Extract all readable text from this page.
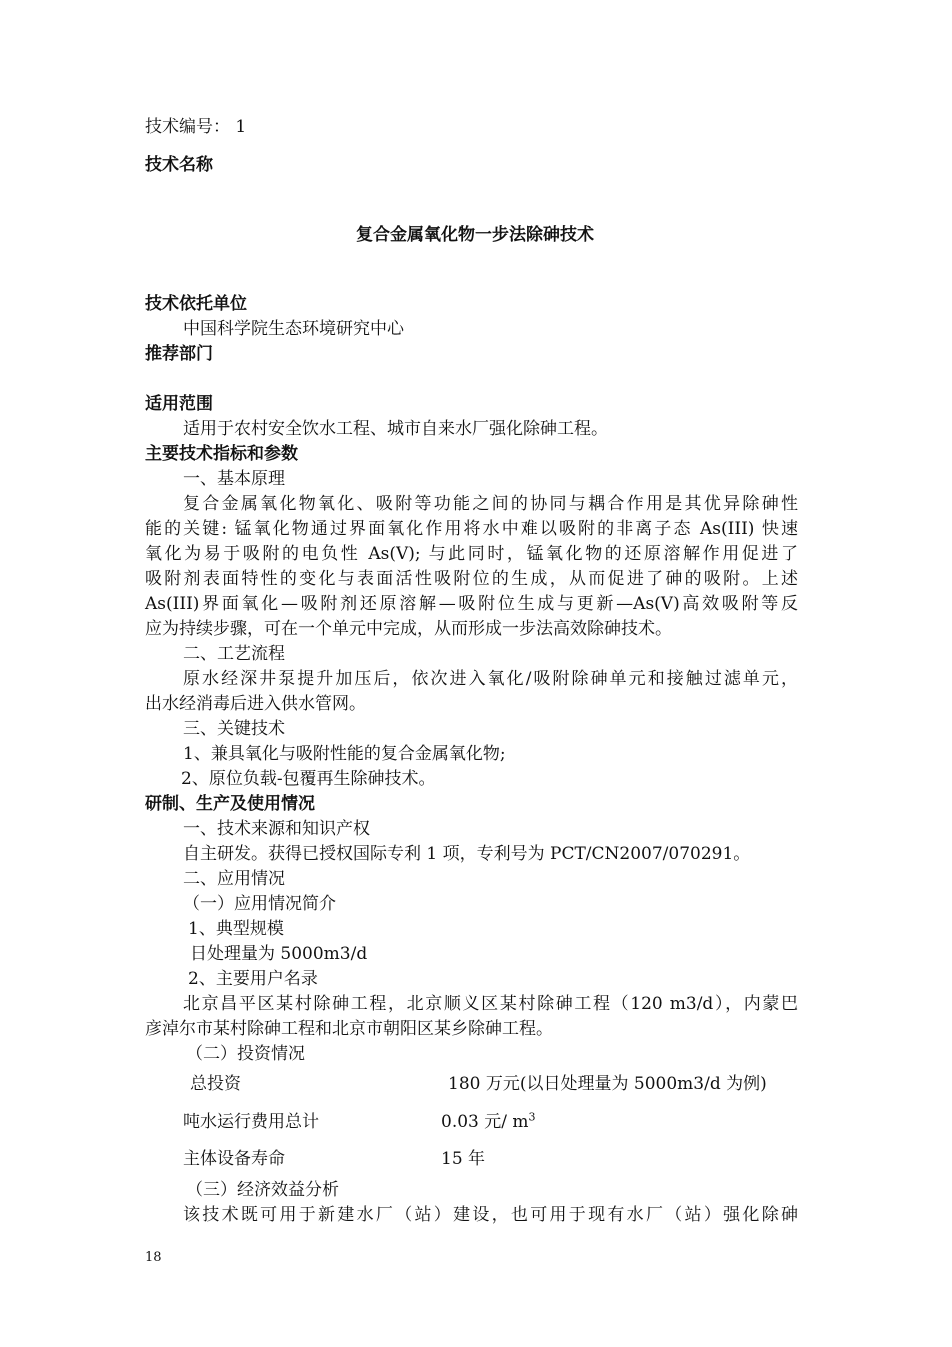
技术编号： 1
技术名称
复合金属氧化物一步法除砷技术
技术依托单位
中国科学院生态环境研究中心
推荐部门
适用范围
适用于农村安全饮水工程、城市自来水厂强化除砷工程。
主要技术指标和参数
一、基本原理
复合金属氧化物氧化、吸附等功能之间的协同与耦合作用是其优异除砷性
能的关键: 锰氧化物通过界面氧化作用将水中难以吸附的非离子态 As(III) 快速
氧化为易于吸附的电负性 As(V); 与此同时，锰氧化物的还原溶解作用促进了
吸附剂表面特性的变化与表面活性吸附位的生成，从而促进了砷的吸附。上述
As(III)界面氧化—吸附剂还原溶解—吸附位生成与更新—As(V)高效吸附等反
应为持续步骤，可在一个单元中完成，从而形成一步法高效除砷技术。
二、工艺流程
原水经深井泵提升加压后，依次进入氧化/吸附除砷单元和接触过滤单元，
出水经消毒后进入供水管网。
三、关键技术
1、兼具氧化与吸附性能的复合金属氧化物;
2、原位负载-包覆再生除砷技术。
研制、生产及使用情况
一、技术来源和知识产权
自主研发。获得已授权国际专利 1 项，专利号为 PCT/CN2007/070291。
二、应用情况
（一）应用情况简介
1、典型规模
日处理量为 5000m3/d
2、主要用户名录
北京昌平区某村除砷工程，北京顺义区某村除砷工程（120 m3/d），内蒙巴
彦淖尔市某村除砷工程和北京市朝阳区某乡除砷工程。
（二）投资情况
总投资	180 万元(以日处理量为 5000m3/d 为例)
吨水运行费用总计	0.03 元/ $m^3$
主体设备寿命	15 年
（三）经济效益分析
该技术既可用于新建水厂（站）建设，也可用于现有水厂（站）强化除砷
18
